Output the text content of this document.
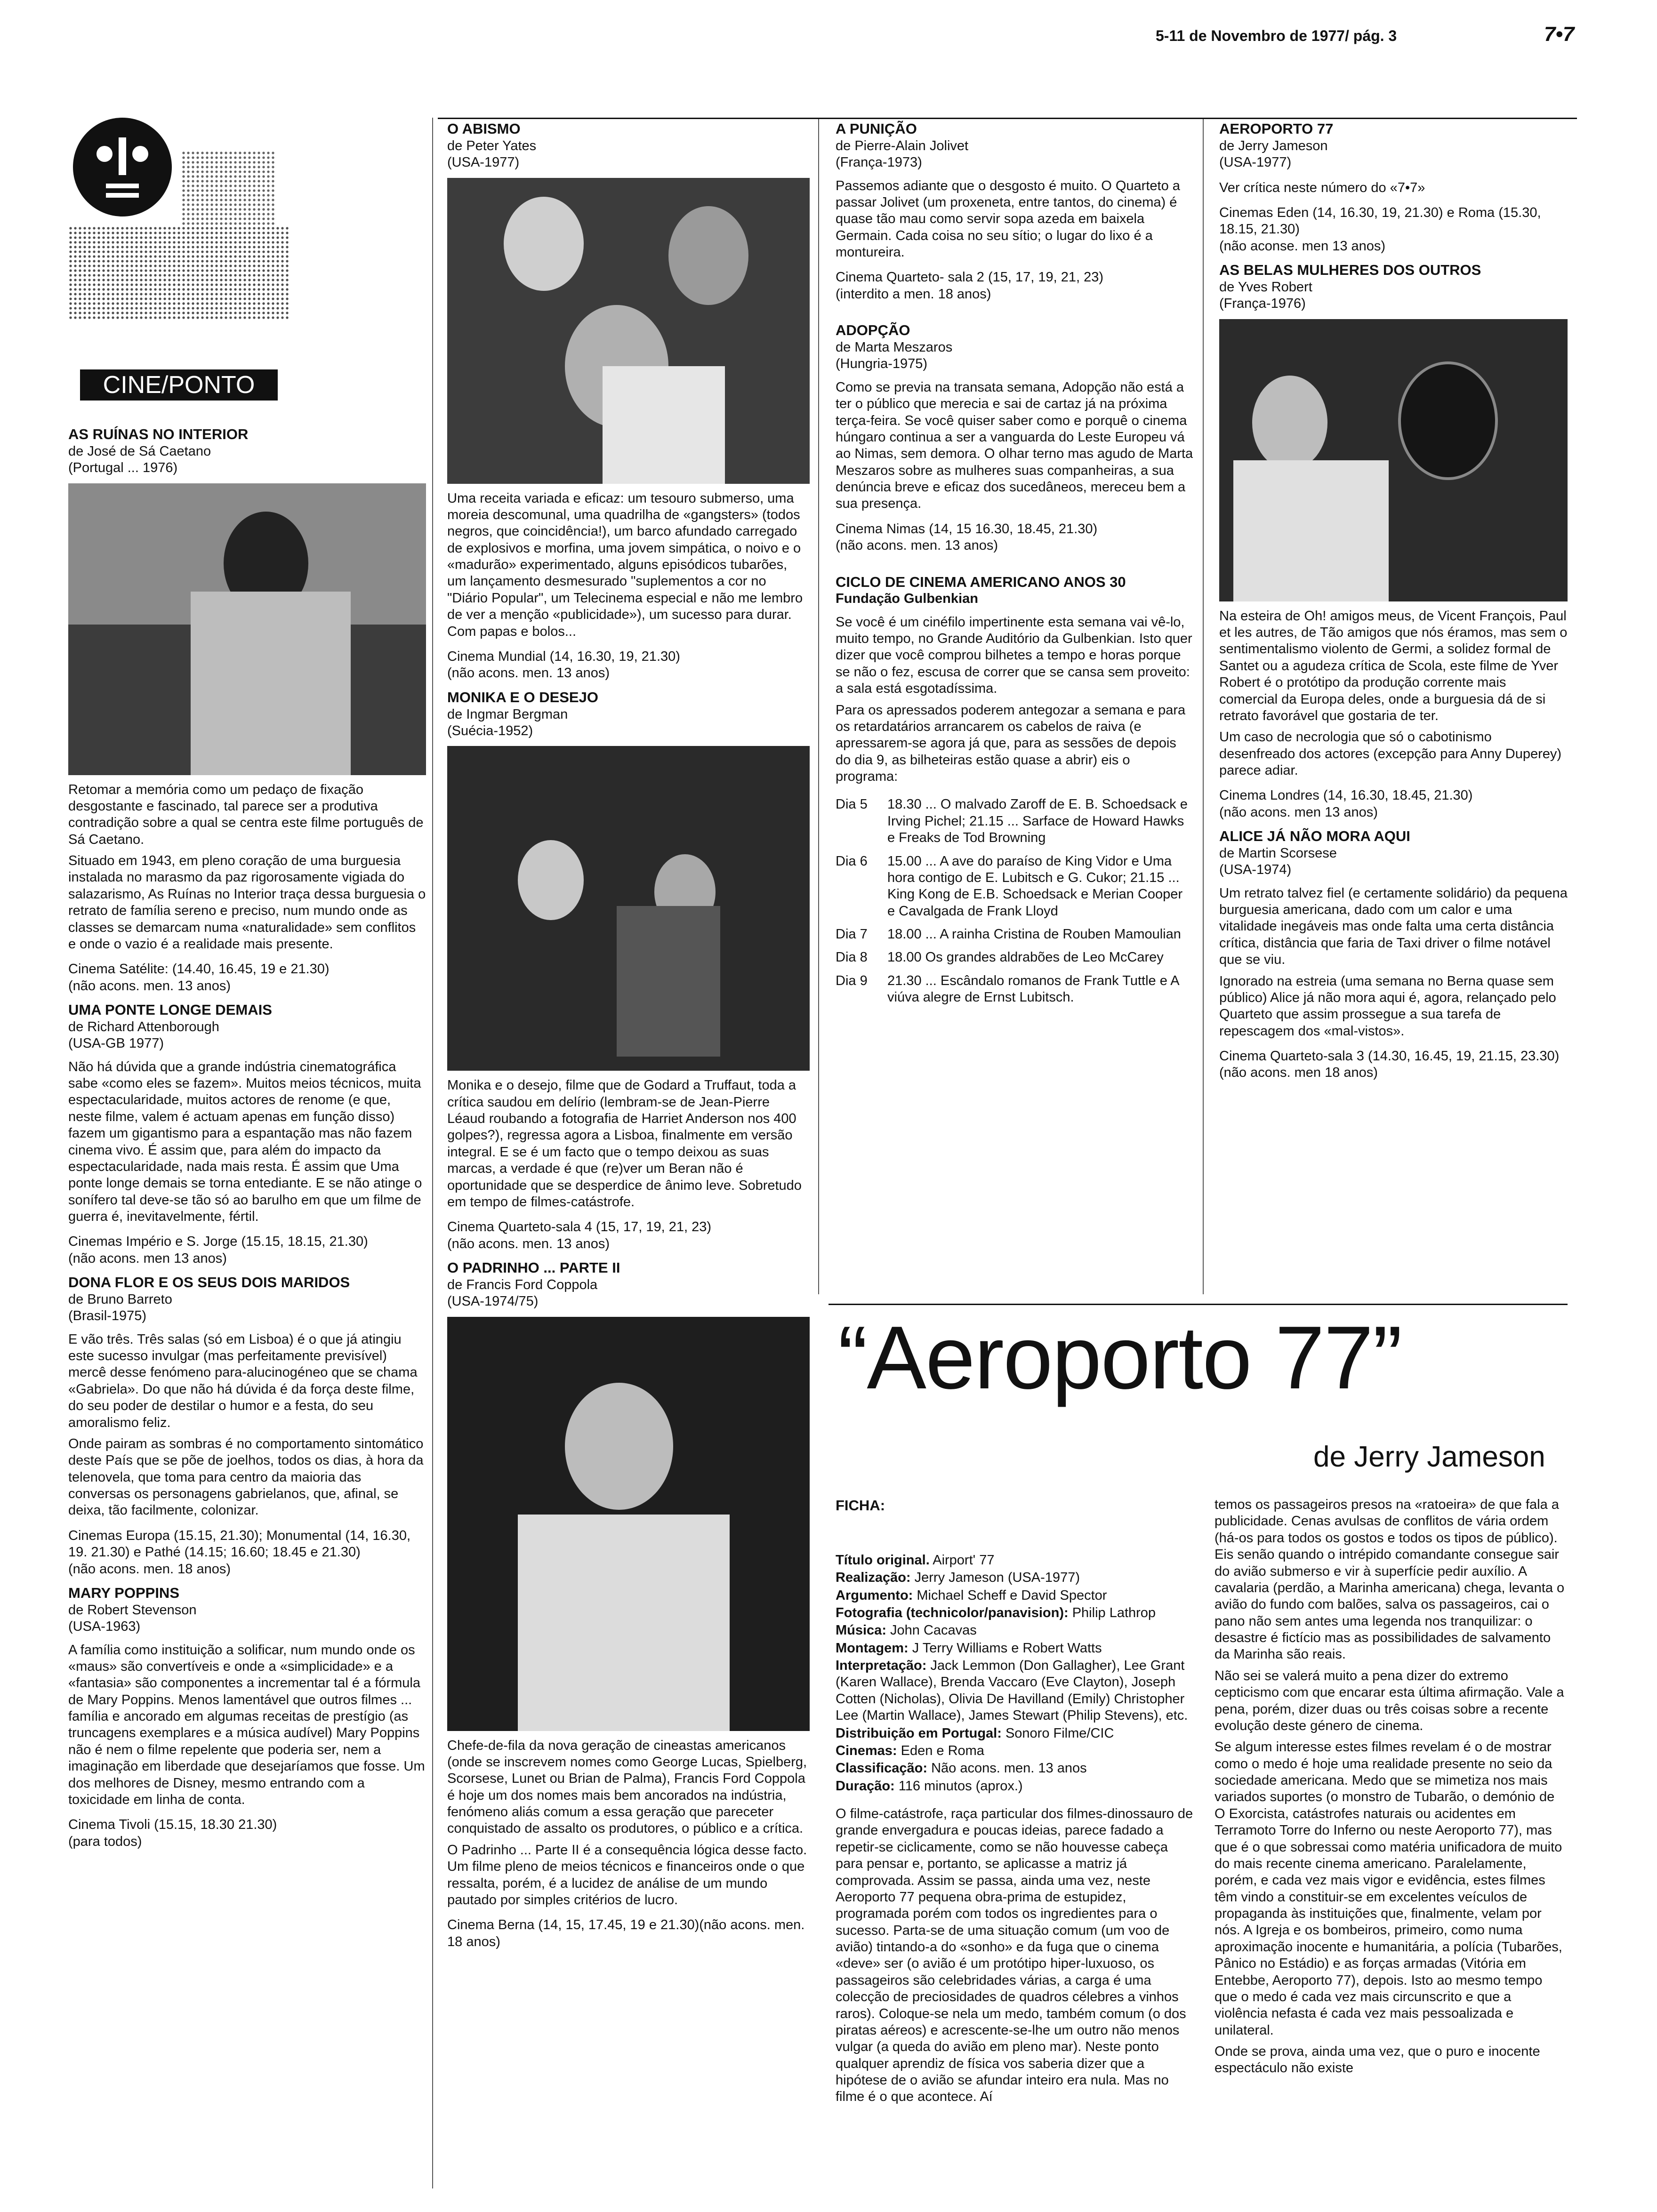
5-11 de Novembro de 1977/ pág. 3	7•7
CINE/PONTO
AS RUÍNAS NO INTERIOR
de José de Sá Caetano
(Portugal ... 1976)

Retomar a memória como um pedaço de fixação desgostante e fascinado, tal parece ser a produtiva contradição sobre a qual se centra este filme português de Sá Caetano.

Situado em 1943, em pleno coração de uma burguesia instalada no marasmo da paz rigorosamente vigiada do salazarismo, As Ruínas no Interior traça dessa burguesia o retrato de família sereno e preciso, num mundo onde as classes se demarcam numa «naturalidade» sem conflitos e onde o vazio é a realidade mais presente.

Cinema Satélite: (14.40, 16.45, 19 e 21.30)
(não acons. men. 13 anos)
UMA PONTE LONGE DEMAIS
de Richard Attenborough
(USA-GB 1977)

Não há dúvida que a grande indústria cinematográfica sabe «como eles se fazem». Muitos meios técnicos, muita espectacularidade, muitos actores de renome (e que, neste filme, valem é actuam apenas em função disso) fazem um gigantismo para a espantação mas não fazem cinema vivo. É assim que, para além do impacto da espectacularidade, nada mais resta. É assim que Uma ponte longe demais se torna entediante. E se não atinge o sonífero tal deve-se tão só ao barulho em que um filme de guerra é, inevitavelmente, fértil.

Cinemas Império e S. Jorge (15.15, 18.15, 21.30)
(não acons. men 13 anos)
DONA FLOR E OS SEUS DOIS MARIDOS
de Bruno Barreto
(Brasil-1975)

E vão três. Três salas (só em Lisboa) é o que já atingiu este sucesso invulgar (mas perfeitamente previsível) mercê desse fenómeno para-alucinogéneo que se chama «Gabriela». Do que não há dúvida é da força deste filme, do seu poder de destilar o humor e a festa, do seu amoralismo feliz.

Onde pairam as sombras é no comportamento sintomático deste País que se põe de joelhos, todos os dias, à hora da telenovela, que toma para centro da maioria das conversas os personagens gabrielanos, que, afinal, se deixa, tão facilmente, colonizar.

Cinemas Europa (15.15, 21.30); Monumental (14, 16.30, 19. 21.30) e Pathé (14.15; 16.60; 18.45 e 21.30)
(não acons. men. 18 anos)
MARY POPPINS
de Robert Stevenson
(USA-1963)

A família como instituição a solificar, num mundo onde os «maus» são convertíveis e onde a «simplicidade» e a «fantasia» são componentes a incrementar tal é a fórmula de Mary Poppins. Menos lamentável que outros filmes ... família e ancorado em algumas receitas de prestígio (as truncagens exemplares e a música audível) Mary Poppins não é nem o filme repelente que poderia ser, nem a imaginação em liberdade que desejaríamos que fosse. Um dos melhores de Disney, mesmo entrando com a toxicidade em linha de conta.

Cinema Tivoli (15.15, 18.30 21.30)
(para todos)
O ABISMO
de Peter Yates
(USA-1977)

Uma receita variada e eficaz: um tesouro submerso, uma moreia descomunal, uma quadrilha de «gangsters» (todos negros, que coincidência!), um barco afundado carregado de explosivos e morfina, uma jovem simpática, o noivo e o «madurão» experimentado, alguns episódicos tubarões, um lançamento desmesurado "suplementos a cor no "Diário Popular", um Telecinema especial e não me lembro de ver a menção «publicidade»), um sucesso para durar. Com papas e bolos...

Cinema Mundial (14, 16.30, 19, 21.30)
(não acons. men. 13 anos)
MONIKA E O DESEJO
de Ingmar Bergman
(Suécia-1952)

Monika e o desejo, filme que de Godard a Truffaut, toda a crítica saudou em delírio (lembram-se de Jean-Pierre Léaud roubando a fotografia de Harriet Anderson nos 400 golpes?), regressa agora a Lisboa, finalmente em versão integral. E se é um facto que o tempo deixou as suas marcas, a verdade é que (re)ver um Beran não é oportunidade que se desperdice de ânimo leve. Sobretudo em tempo de filmes-catástrofe.

Cinema Quarteto-sala 4 (15, 17, 19, 21, 23)
(não acons. men. 13 anos)
O PADRINHO ... PARTE II
de Francis Ford Coppola
(USA-1974/75)

Chefe-de-fila da nova geração de cineastas americanos (onde se inscrevem nomes como George Lucas, Spielberg, Scorsese, Lunet ou Brian de Palma), Francis Ford Coppola é hoje um dos nomes mais bem ancorados na indústria, fenómeno aliás comum a essa geração que pareceter conquistado de assalto os produtores, o público e a crítica.

O Padrinho ... Parte II é a consequência lógica desse facto. Um filme pleno de meios técnicos e financeiros onde o que ressalta, porém, é a lucidez de análise de um mundo pautado por simples critérios de lucro.

Cinema Berna (14, 15, 17.45, 19 e 21.30)(não acons. men. 18 anos)
A PUNIÇÃO
de Pierre-Alain Jolivet
(França-1973)

Passemos adiante que o desgosto é muito. O Quarteto a passar Jolivet (um proxeneta, entre tantos, do cinema) é quase tão mau como servir sopa azeda em baixela Germain. Cada coisa no seu sítio; o lugar do lixo é a montureira.

Cinema Quarteto- sala 2 (15, 17, 19, 21, 23)
(interdito a men. 18 anos)
ADOPÇÃO
de Marta Meszaros
(Hungria-1975)

Como se previa na transata semana, Adopção não está a ter o público que merecia e sai de cartaz já na próxima terça-feira. Se você quiser saber como e porquê o cinema húngaro continua a ser a vanguarda do Leste Europeu vá ao Nimas, sem demora. O olhar terno mas agudo de Marta Meszaros sobre as mulheres suas companheiras, a sua denúncia breve e eficaz dos sucedâneos, mereceu bem a sua presença.

Cinema Nimas (14, 15 16.30, 18.45, 21.30)
(não acons. men. 13 anos)
CICLO DE CINEMA AMERICANO ANOS 30
Fundação Gulbenkian

Se você é um cinéfilo impertinente esta semana vai vê-lo, muito tempo, no Grande Auditório da Gulbenkian. Isto quer dizer que você comprou bilhetes a tempo e horas porque se não o fez, escusa de correr que se cansa sem proveito: a sala está esgotadíssima.

Para os apressados poderem antegozar a semana e para os retardatários arrancarem os cabelos de raiva (e apressarem-se agora já que, para as sessões de depois do dia 9, as bilheteiras estão quase a abrir) eis o programa:

Dia 5	18.30 ... O malvado Zaroff de E. B. Schoedsack e Irving Pichel; 21.15 ... Sarface de Howard Hawks e Freaks de Tod Browning
Dia 6	15.00 ... A ave do paraíso de King Vidor e Uma hora contigo de E. Lubitsch e G. Cukor; 21.15 ... King Kong de E.B. Schoedsack e Merian Cooper e Cavalgada de Frank Lloyd
Dia 7	18.00 ... A rainha Cristina de Rouben Mamoulian
Dia 8	18.00 Os grandes aldrabões de Leo McCarey
Dia 9	21.30 ... Escândalo romanos de Frank Tuttle e A viúva alegre de Ernst Lubitsch.
AEROPORTO 77
de Jerry Jameson
(USA-1977)

Ver crítica neste número do «7•7»

Cinemas Eden (14, 16.30, 19, 21.30) e Roma (15.30, 18.15, 21.30)
(não aconse. men 13 anos)
AS BELAS MULHERES DOS OUTROS
de Yves Robert
(França-1976)

Na esteira de Oh! amigos meus, de Vicent François, Paul et les autres, de Tão amigos que nós éramos, mas sem o sentimentalismo violento de Germi, a solidez formal de Santet ou a agudeza crítica de Scola, este filme de Yver Robert é o protótipo da produção corrente mais comercial da Europa deles, onde a burguesia dá de si retrato favorável que gostaria de ter.

Um caso de necrologia que só o cabotinismo desenfreado dos actores (excepção para Anny Duperey) parece adiar.

Cinema Londres (14, 16.30, 18.45, 21.30)
(não acons. men 13 anos)
ALICE JÁ NÃO MORA AQUI
de Martin Scorsese
(USA-1974)

Um retrato talvez fiel (e certamente solidário) da pequena burguesia americana, dado com um calor e uma vitalidade inegáveis mas onde falta uma certa distância crítica, distância que faria de Taxi driver o filme notável que se viu.

Ignorado na estreia (uma semana no Berna quase sem público) Alice já não mora aqui é, agora, relançado pelo Quarteto que assim prossegue a sua tarefa de repescagem dos «mal-vistos».

Cinema Quarteto-sala 3 (14.30, 16.45, 19, 21.15, 23.30)
(não acons. men 18 anos)
“Aeroporto 77”
de Jerry Jameson
FICHA:

Título original. Airport' 77

Realização: Jerry Jameson (USA-1977)

Argumento: Michael Scheff e David Spector

Fotografia (technicolor/panavision): Philip Lathrop

Música: John Cacavas

Montagem: J Terry Williams e Robert Watts

Interpretação: Jack Lemmon (Don Gallagher), Lee Grant (Karen Wallace), Brenda Vaccaro (Eve Clayton), Joseph Cotten (Nicholas), Olivia De Havilland (Emily) Christopher Lee (Martin Wallace), James Stewart (Philip Stevens), etc.

Distribuição em Portugal: Sonoro Filme/CIC

Cinemas: Eden e Roma

Classificação: Não acons. men. 13 anos

Duração: 116 minutos (aprox.)

O filme-catástrofe, raça particular dos filmes-dinossauro de grande envergadura e poucas ideias, parece fadado a repetir-se ciclicamente, como se não houvesse cabeça para pensar e, portanto, se aplicasse a matriz já comprovada. Assim se passa, ainda uma vez, neste Aeroporto 77 pequena obra-prima de estupidez, programada porém com todos os ingredientes para o sucesso. Parta-se de uma situação comum (um voo de avião) tintando-a do «sonho» e da fuga que o cinema «deve» ser (o avião é um protótipo hiper-luxuoso, os passageiros são celebridades várias, a carga é uma colecção de preciosidades de quadros célebres a vinhos raros). Coloque-se nela um medo, também comum (o dos piratas aéreos) e acrescente-se-lhe um outro não menos vulgar (a queda do avião em pleno mar). Neste ponto qualquer aprendiz de física vos saberia dizer que a hipótese de o avião se afundar inteiro era nula. Mas no filme é o que acontece. Aí

temos os passageiros presos na «ratoeira» de que fala a publicidade. Cenas avulsas de conflitos de vária ordem (há-os para todos os gostos e todos os tipos de público). Eis senão quando o intrépido comandante consegue sair do avião submerso e vir à superfície pedir auxílio. A cavalaria (perdão, a Marinha americana) chega, levanta o avião do fundo com balões, salva os passageiros, cai o pano não sem antes uma legenda nos tranquilizar: o desastre é fictício mas as possibilidades de salvamento da Marinha são reais.

Não sei se valerá muito a pena dizer do extremo cepticismo com que encarar esta última afirmação. Vale a pena, porém, dizer duas ou três coisas sobre a recente evolução deste género de cinema.

Se algum interesse estes filmes revelam é o de mostrar como o medo é hoje uma realidade presente no seio da sociedade americana. Medo que se mimetiza nos mais variados suportes (o monstro de Tubarão, o demónio de O Exorcista, catástrofes naturais ou acidentes em Terramoto Torre do Inferno ou neste Aeroporto 77), mas que é o que sobressai como matéria unificadora de muito do mais recente cinema americano. Paralelamente, porém, e cada vez mais vigor e evidência, estes filmes têm vindo a constituir-se em excelentes veículos de propaganda às instituições que, finalmente, velam por nós. A Igreja e os bombeiros, primeiro, como numa aproximação inocente e humanitária, a polícia (Tubarões, Pânico no Estádio) e as forças armadas (Vitória em Entebbe, Aeroporto 77), depois. Isto ao mesmo tempo que o medo é cada vez mais circunscrito e que a violência nefasta é cada vez mais pessoalizada e unilateral.

Onde se prova, ainda uma vez, que o puro e inocente espectáculo não existe
